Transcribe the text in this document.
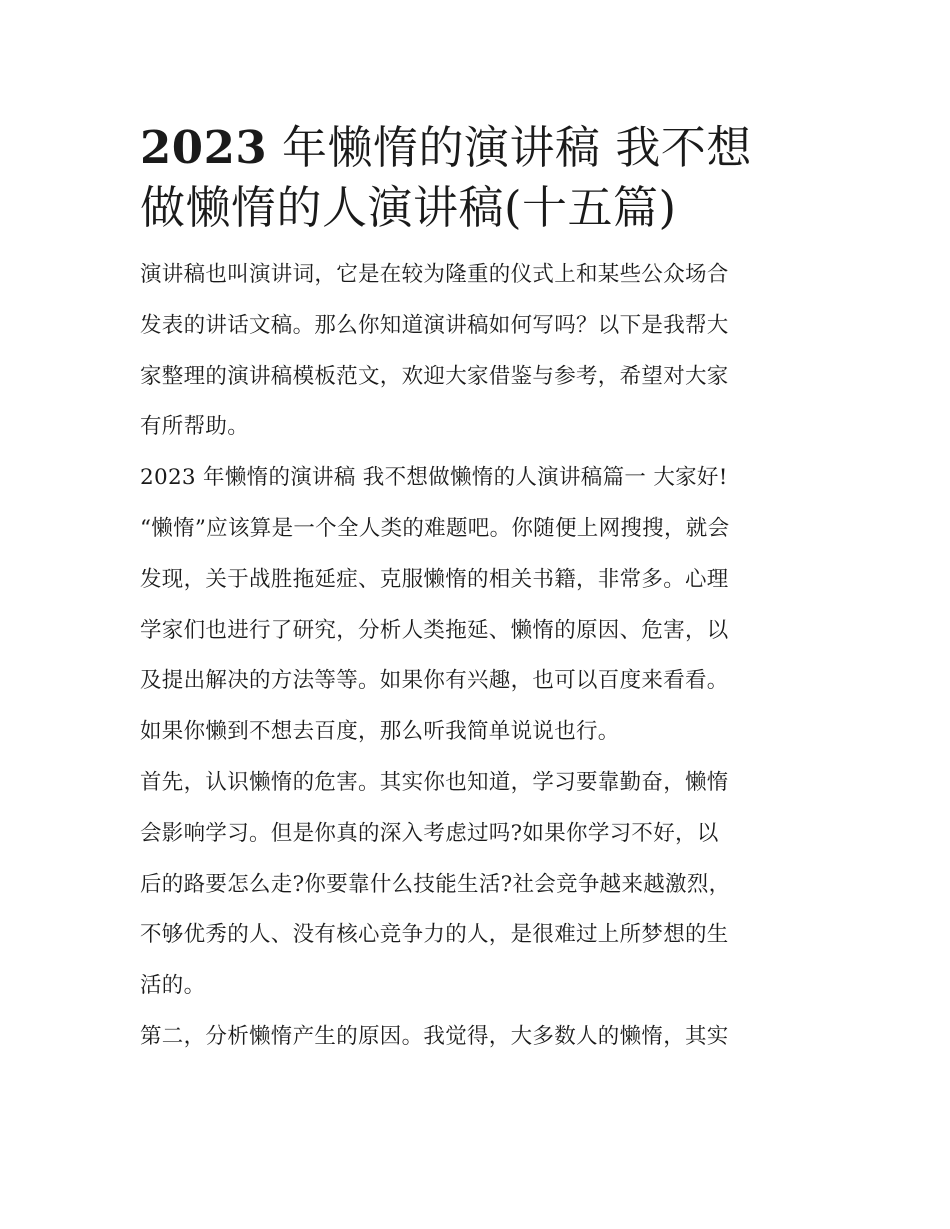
2023 年懒惰的演讲稿 我不想
做懒惰的人演讲稿(十五篇)

演讲稿也叫演讲词，它是在较为隆重的仪式上和某些公众场合
发表的讲话文稿。那么你知道演讲稿如何写吗？以下是我帮大
家整理的演讲稿模板范文，欢迎大家借鉴与参考，希望对大家
有所帮助。

2023 年懒惰的演讲稿 我不想做懒惰的人演讲稿篇一 大家好!

“懒惰”应该算是一个全人类的难题吧。你随便上网搜搜，就会
发现，关于战胜拖延症、克服懒惰的相关书籍，非常多。心理
学家们也进行了研究，分析人类拖延、懒惰的原因、危害，以
及提出解决的方法等等。如果你有兴趣，也可以百度来看看。
如果你懒到不想去百度，那么听我简单说说也行。

首先，认识懒惰的危害。其实你也知道，学习要靠勤奋，懒惰
会影响学习。但是你真的深入考虑过吗?如果你学习不好，以
后的路要怎么走?你要靠什么技能生活?社会竞争越来越激烈，
不够优秀的人、没有核心竞争力的人，是很难过上所梦想的生
活的。

第二，分析懒惰产生的原因。我觉得，大多数人的懒惰，其实
